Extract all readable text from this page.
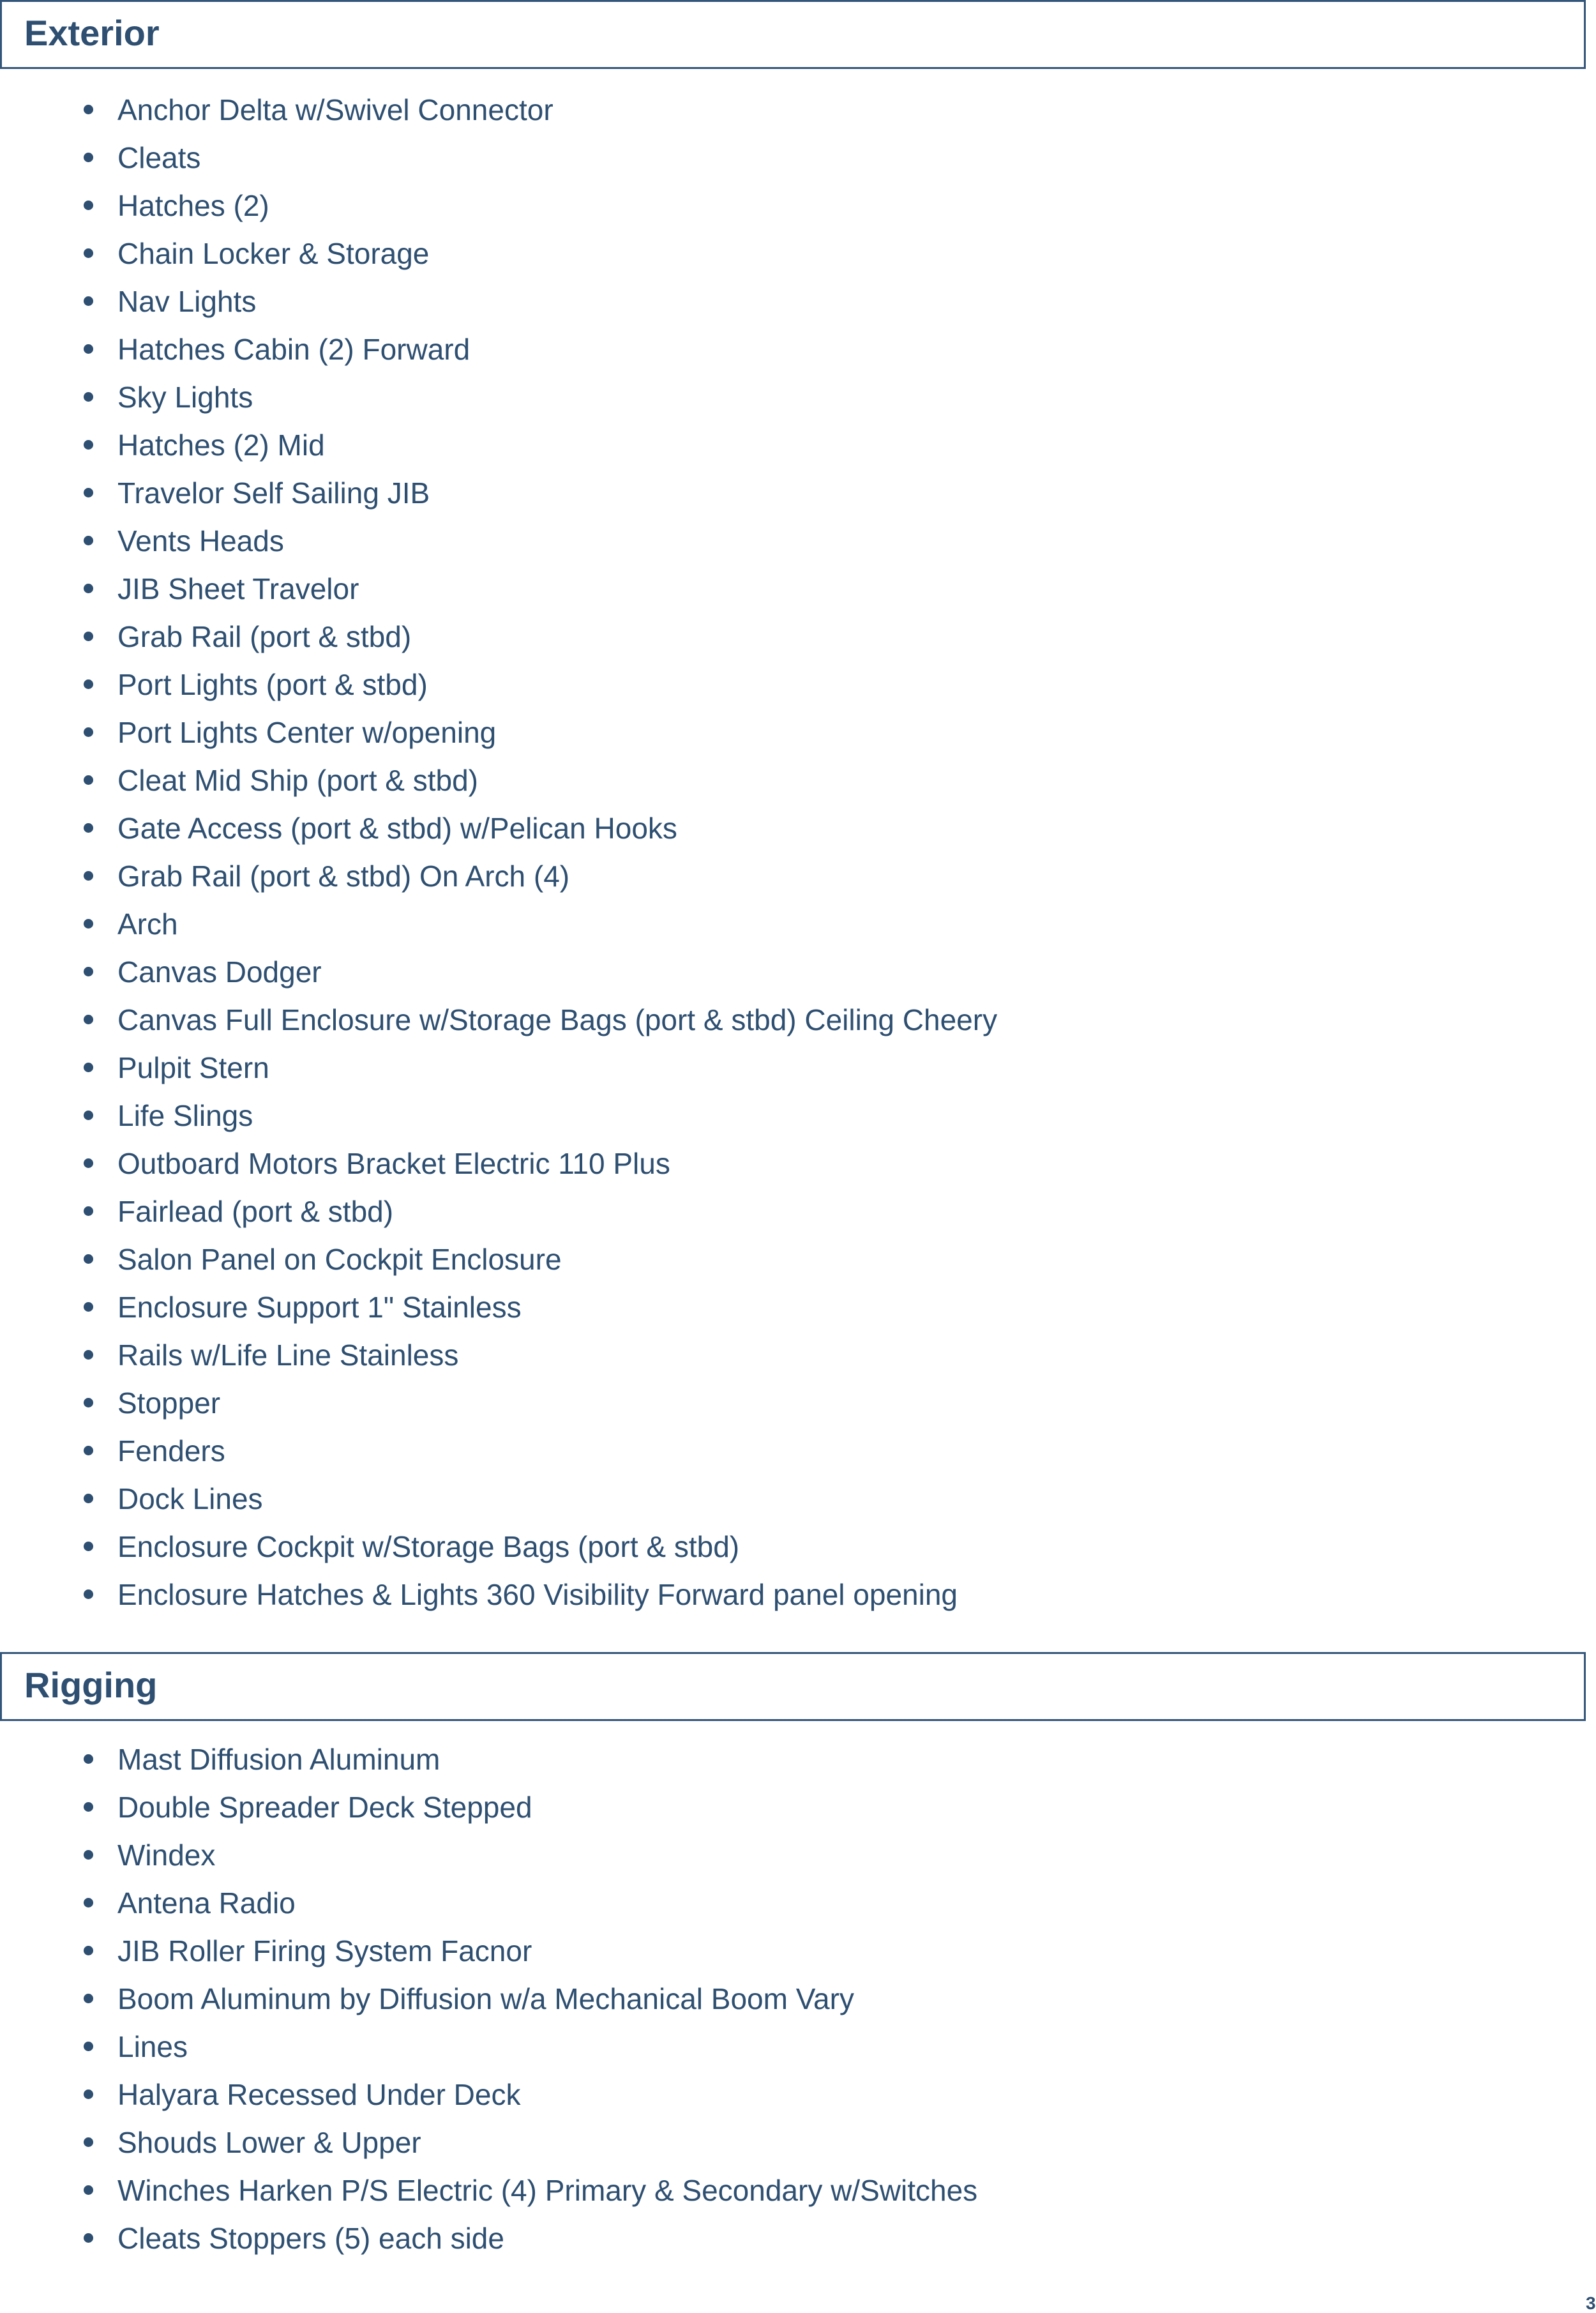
Exterior
Anchor Delta w/Swivel Connector
Cleats
Hatches (2)
Chain Locker & Storage
Nav Lights
Hatches Cabin (2) Forward
Sky Lights
Hatches (2) Mid
Travelor Self Sailing JIB
Vents Heads
JIB Sheet Travelor
Grab Rail (port & stbd)
Port Lights (port & stbd)
Port Lights Center w/opening
Cleat Mid Ship (port & stbd)
Gate Access (port & stbd) w/Pelican Hooks
Grab Rail (port & stbd) On Arch (4)
Arch
Canvas Dodger
Canvas Full Enclosure w/Storage Bags (port & stbd) Ceiling Cheery
Pulpit Stern
Life Slings
Outboard Motors Bracket Electric 110 Plus
Fairlead (port & stbd)
Salon Panel on Cockpit Enclosure
Enclosure Support 1" Stainless
Rails w/Life Line Stainless
Stopper
Fenders
Dock Lines
Enclosure Cockpit w/Storage Bags (port & stbd)
Enclosure Hatches & Lights 360 Visibility Forward panel opening
Rigging
Mast Diffusion Aluminum
Double Spreader Deck Stepped
Windex
Antena Radio
JIB Roller Firing System Facnor
Boom Aluminum by Diffusion w/a Mechanical Boom Vary
Lines
Halyara Recessed Under Deck
Shouds Lower & Upper
Winches Harken P/S Electric (4) Primary & Secondary w/Switches
Cleats Stoppers (5) each side
3
